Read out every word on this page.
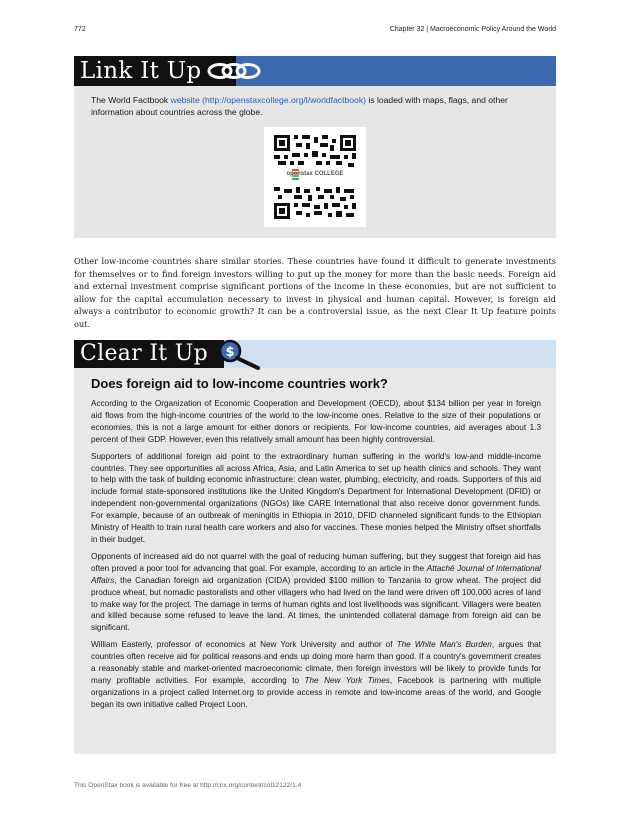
772	Chapter 32 | Macroeconomic Policy Around the World
Link It Up
The World Factbook website (http://openstaxcollege.org/l/worldfactbook) is loaded with maps, flags, and other information about countries across the globe.
openstax COLLEGE

Other low-income countries share similar stories. These countries have found it difficult to generate investments for themselves or to find foreign investors willing to put up the money for more than the basic needs. Foreign aid and external investment comprise significant portions of the income in these economies, but are not sufficient to allow for the capital accumulation necessary to invest in physical and human capital. However, is foreign aid always a contributor to economic growth? It can be a controversial issue, as the next Clear It Up feature points out.

Clear It Up $
Does foreign aid to low-income countries work?

According to the Organization of Economic Cooperation and Development (OECD), about $134 billion per year in foreign aid flows from the high-income countries of the world to the low-income ones. Relative to the size of their populations or economies, this is not a large amount for either donors or recipients. For low-income countries, aid averages about 1.3 percent of their GDP. However, even this relatively small amount has been highly controversial.

Supporters of additional foreign aid point to the extraordinary human suffering in the world's low-and middle-income countries. They see opportunities all across Africa, Asia, and Latin America to set up health clinics and schools. They want to help with the task of building economic infrastructure: clean water, plumbing, electricity, and roads. Supporters of this aid include formal state-sponsored institutions like the United Kingdom's Department for International Development (DFID) or independent non-governmental organizations (NGOs) like CARE International that also receive donor government funds. For example, because of an outbreak of meningitis in Ethiopia in 2010, DFID channeled significant funds to the Ethiopian Ministry of Health to train rural health care workers and also for vaccines. These monies helped the Ministry offset shortfalls in their budget.

Opponents of increased aid do not quarrel with the goal of reducing human suffering, but they suggest that foreign aid has often proved a poor tool for advancing that goal. For example, according to an article in the Attaché Journal of International Affairs, the Canadian foreign aid organization (CIDA) provided $100 million to Tanzania to grow wheat. The project did produce wheat, but nomadic pastoralists and other villagers who had lived on the land were driven off 100,000 acres of land to make way for the project. The damage in terms of human rights and lost livelihoods was significant. Villagers were beaten and killed because some refused to leave the land. At times, the unintended collateral damage from foreign aid can be significant.

William Easterly, professor of economics at New York University and author of The White Man's Burden, argues that countries often receive aid for political reasons and ends up doing more harm than good. If a country's government creates a reasonably stable and market-oriented macroeconomic climate, then foreign investors will be likely to provide funds for many profitable activities. For example, according to The New York Times, Facebook is partnering with multiple organizations in a project called Internet.org to provide access in remote and low-income areas of the world, and Google began its own initiative called Project Loon.

This OpenStax book is available for free at http://cnx.org/content/col12122/1.4
